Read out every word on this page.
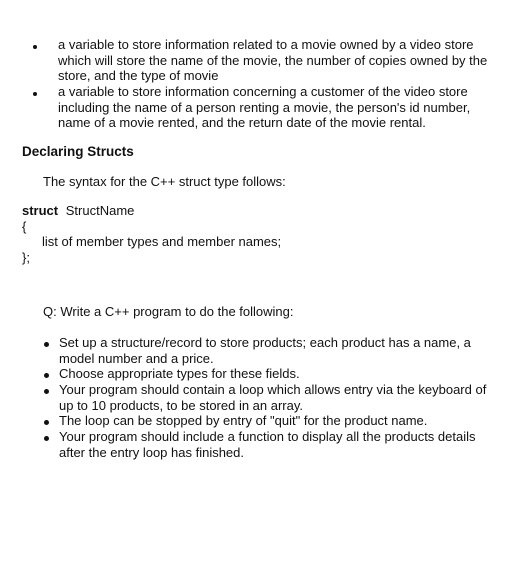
a variable to store information related to a movie owned by a video store which will store the name of the movie, the number of copies owned by the store, and the type of movie
a variable to store information concerning a customer of the video store including the name of a person renting a movie, the person's id number, name of a movie rented, and the return date of the movie rental.
Declaring Structs
The syntax for the C++ struct type follows:
struct StructName
{
list of member types and member names;
};
Q: Write a C++ program to do the following:
Set up a structure/record to store products; each product has a name, a model number and a price.
Choose appropriate types for these fields.
Your program should contain a loop which allows entry via the keyboard of up to 10 products, to be stored in an array.
The loop can be stopped by entry of "quit" for the product name.
Your program should include a function to display all the products details after the entry loop has finished.
